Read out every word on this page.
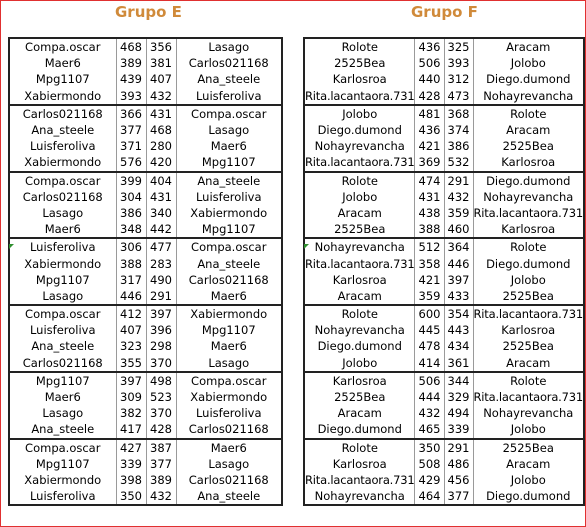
Grupo E	Grupo F
Compa.oscar	468	356	Lasago
Maer6	389	381	Carlos021168
Mpg1107	439	407	Ana_steele
Xabiermondo	393	432	Luisferoliva
Carlos021168	366	431	Compa.oscar
Ana_steele	377	468	Lasago
Luisferoliva	371	280	Maer6
Xabiermondo	576	420	Mpg1107
Compa.oscar	399	404	Ana_steele
Carlos021168	304	431	Luisferoliva
Lasago	386	340	Xabiermondo
Maer6	348	442	Mpg1107
Luisferoliva	306	477	Compa.oscar
Xabiermondo	388	283	Ana_steele
Mpg1107	317	490	Carlos021168
Lasago	446	291	Maer6
Compa.oscar	412	397	Xabiermondo
Luisferoliva	407	396	Mpg1107
Ana_steele	323	298	Maer6
Carlos021168	355	370	Lasago
Mpg1107	397	498	Compa.oscar
Maer6	309	523	Xabiermondo
Lasago	382	370	Luisferoliva
Ana_steele	417	428	Carlos021168
Compa.oscar	427	387	Maer6
Mpg1107	339	377	Lasago
Xabiermondo	398	389	Carlos021168
Luisferoliva	350	432	Ana_steele
Rolote	436	325	Aracam
2525Bea	506	393	Jolobo
Karlosroa	440	312	Diego.dumond
Rita.lacantaora.731	428	473	Nohayrevancha
Jolobo	481	368	Rolote
Diego.dumond	436	374	Aracam
Nohayrevancha	421	386	2525Bea
Rita.lacantaora.731	369	532	Karlosroa
Rolote	474	291	Diego.dumond
Jolobo	431	432	Nohayrevancha
Aracam	438	359	Rita.lacantaora.731
2525Bea	388	460	Karlosroa
Nohayrevancha	512	364	Rolote
Rita.lacantaora.731	358	446	Diego.dumond
Karlosroa	421	397	Jolobo
Aracam	359	433	2525Bea
Rolote	600	354	Rita.lacantaora.731
Nohayrevancha	445	443	Karlosroa
Diego.dumond	478	434	2525Bea
Jolobo	414	361	Aracam
Karlosroa	506	344	Rolote
2525Bea	444	329	Rita.lacantaora.731
Aracam	432	494	Nohayrevancha
Diego.dumond	465	339	Jolobo
Rolote	350	291	2525Bea
Karlosroa	508	486	Aracam
Rita.lacantaora.731	429	456	Jolobo
Nohayrevancha	464	377	Diego.dumond
